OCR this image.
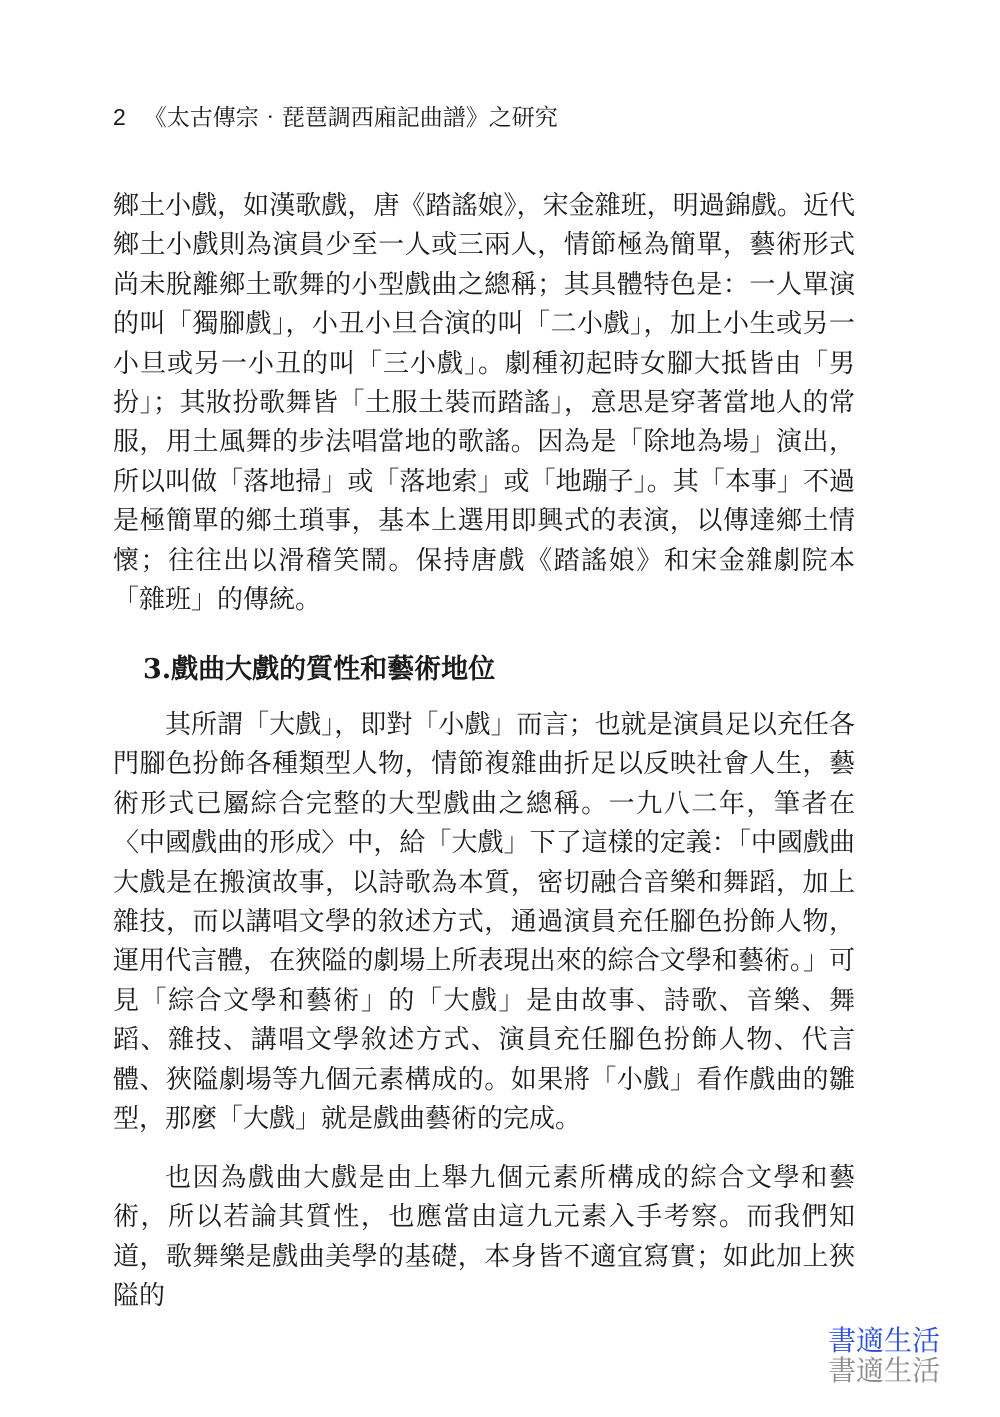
2 《太古傳宗‧琵琶調西廂記曲譜》之研究
鄉土小戲，如漢歌戲，唐《踏謠娘》，宋金雜班，明過錦戲。近代鄉土小戲則為演員少至一人或三兩人，情節極為簡單，藝術形式尚未脫離鄉土歌舞的小型戲曲之總稱；其具體特色是：一人單演的叫「獨腳戲」，小丑小旦合演的叫「二小戲」，加上小生或另一小旦或另一小丑的叫「三小戲」。劇種初起時女腳大抵皆由「男扮」；其妝扮歌舞皆「土服土裝而踏謠」，意思是穿著當地人的常服，用土風舞的步法唱當地的歌謠。因為是「除地為場」演出，所以叫做「落地掃」或「落地索」或「地蹦子」。其「本事」不過是極簡單的鄉土瑣事，基本上選用即興式的表演，以傳達鄉土情懷；往往出以滑稽笑鬧。保持唐戲《踏謠娘》和宋金雜劇院本「雜班」的傳統。
3.戲曲大戲的質性和藝術地位
其所謂「大戲」，即對「小戲」而言；也就是演員足以充任各門腳色扮飾各種類型人物，情節複雜曲折足以反映社會人生，藝術形式已屬綜合完整的大型戲曲之總稱。一九八二年，筆者在〈中國戲曲的形成〉中，給「大戲」下了這樣的定義：「中國戲曲大戲是在搬演故事，以詩歌為本質，密切融合音樂和舞蹈，加上雜技，而以講唱文學的敘述方式，通過演員充任腳色扮飾人物，運用代言體，在狹隘的劇場上所表現出來的綜合文學和藝術。」可見「綜合文學和藝術」的「大戲」是由故事、詩歌、音樂、舞蹈、雜技、講唱文學敘述方式、演員充任腳色扮飾人物、代言體、狹隘劇場等九個元素構成的。如果將「小戲」看作戲曲的雛型，那麼「大戲」就是戲曲藝術的完成。
也因為戲曲大戲是由上舉九個元素所構成的綜合文學和藝術，所以若論其質性，也應當由這九元素入手考察。而我們知道，歌舞樂是戲曲美學的基礎，本身皆不適宜寫實；如此加上狹隘的
書適生活
書適生活
